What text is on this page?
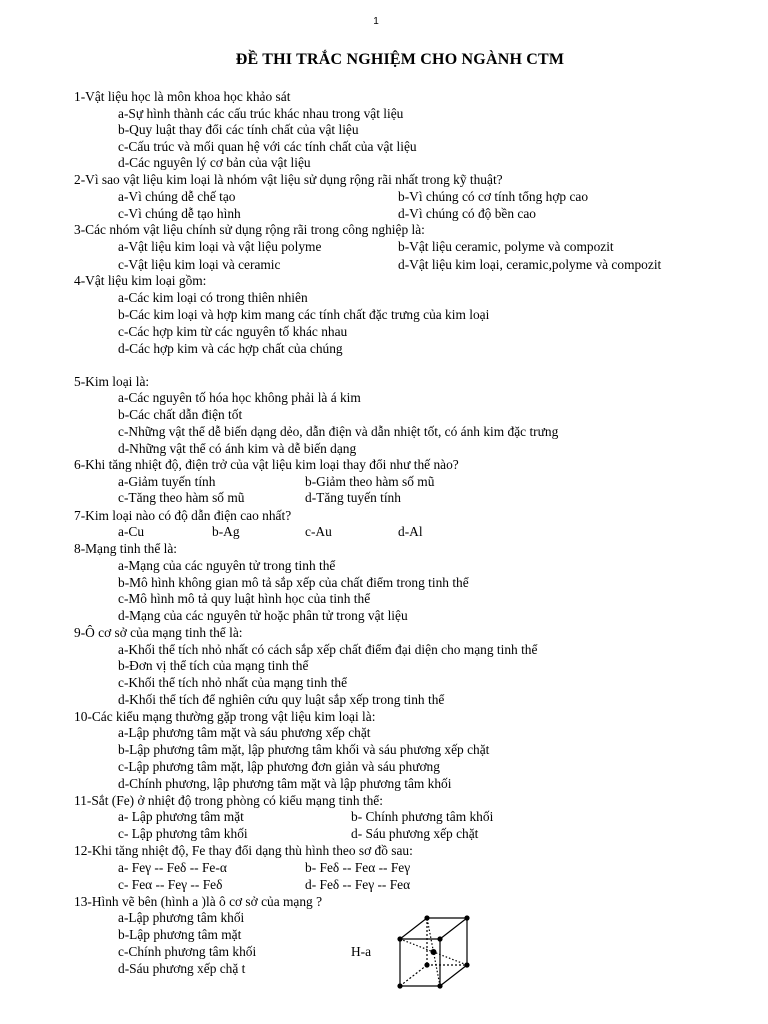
1
ĐỀ THI TRẮC NGHIỆM CHO NGÀNH CTM
1-Vật liệu học là môn khoa học khảo sát
a-Sự hình thành các cấu trúc khác nhau trong vật liệu
b-Quy luật thay đổi các tính chất của vật liệu
c-Cấu trúc và mối quan hệ với các tính chất của vật liệu
d-Các nguyên lý cơ bản của vật liệu
2-Vì sao vật liệu kim loại là nhóm vật liệu sử dụng rộng rãi nhất trong kỹ thuật?
a-Vì chúng dễ chế tạo	b-Vì chúng có cơ tính tổng hợp cao
c-Vì chúng dễ tạo hình	d-Vì chúng có độ bền cao
3-Các nhóm vật liệu chính sử dụng rộng rãi trong công nghiệp là:
a-Vật liệu kim loại và vật liệu polyme	b-Vật liệu ceramic, polyme và compozit
c-Vật liệu kim loại và ceramic	d-Vật liệu kim loại, ceramic,polyme và compozit
4-Vật liệu kim loại gồm:
a-Các kim loại có trong thiên nhiên
b-Các kim loại và hợp kim mang các tính chất đặc trưng của kim loại
c-Các hợp kim từ các nguyên tố khác nhau
d-Các hợp kim và các hợp chất của chúng
5-Kim loại là:
a-Các nguyên tố hóa học không phải là á kim
b-Các chất dẫn điện tốt
c-Những vật thể dễ biến dạng dẻo, dẫn điện và dẫn nhiệt tốt, có ánh kim đặc trưng
d-Những vật thể có ánh kim và dễ biến dạng
6-Khi tăng nhiệt độ, điện trở của vật liệu kim loại thay đổi như thế nào?
a-Giảm tuyến tính	b-Giảm theo hàm số mũ
c-Tăng theo hàm số mũ	d-Tăng tuyến tính
7-Kim loại nào có độ dẫn điện cao nhất?
a-Cu	b-Ag	c-Au	d-Al
8-Mạng tinh thể là:
a-Mạng của các nguyên tử trong tinh thể
b-Mô hình không gian mô tả sắp xếp của chất điểm trong tinh thể
c-Mô hình mô tả quy luật hình học của tinh thể
d-Mạng của các nguyên tử hoặc phân tử trong vật liệu
9-Ô cơ sở của mạng tinh thể là:
a-Khối thể tích nhỏ nhất có cách sắp xếp chất điểm đại diện cho mạng tinh thể
b-Đơn vị thể tích của mạng tinh thể
c-Khối thể tích nhỏ nhất của mạng tinh thể
d-Khối thể tích để nghiên cứu quy luật sắp xếp trong tinh thể
10-Các kiểu mạng thường gặp trong vật liệu kim loại là:
a-Lập phương tâm mặt và sáu phương xếp chặt
b-Lập phương tâm mặt, lập phương tâm khối và sáu phương xếp chặt
c-Lập phương tâm mặt, lập phương đơn giản và sáu phương
d-Chính phương, lập phương tâm mặt và lập phương tâm khối
11-Sắt (Fe) ở nhiệt độ trong phòng có kiểu mạng tinh thể:
a- Lập phương tâm mặt	b- Chính phương tâm khối
c- Lập phương tâm khối	d- Sáu phương xếp chặt
12-Khi tăng nhiệt độ, Fe thay đổi dạng thù hình theo sơ đồ sau:
a- Feγ -- Feδ -- Fe-α	b- Feδ -- Feα -- Feγ
c- Feα -- Feγ -- Feδ	d- Feδ -- Feγ -- Feα
13-Hình vẽ bên (hình a )là ô cơ sở của mạng ?
a-Lập phương tâm khối
b-Lập phương tâm mặt
c-Chính phương tâm khối
d-Sáu phương xếp chặ t
H-a
